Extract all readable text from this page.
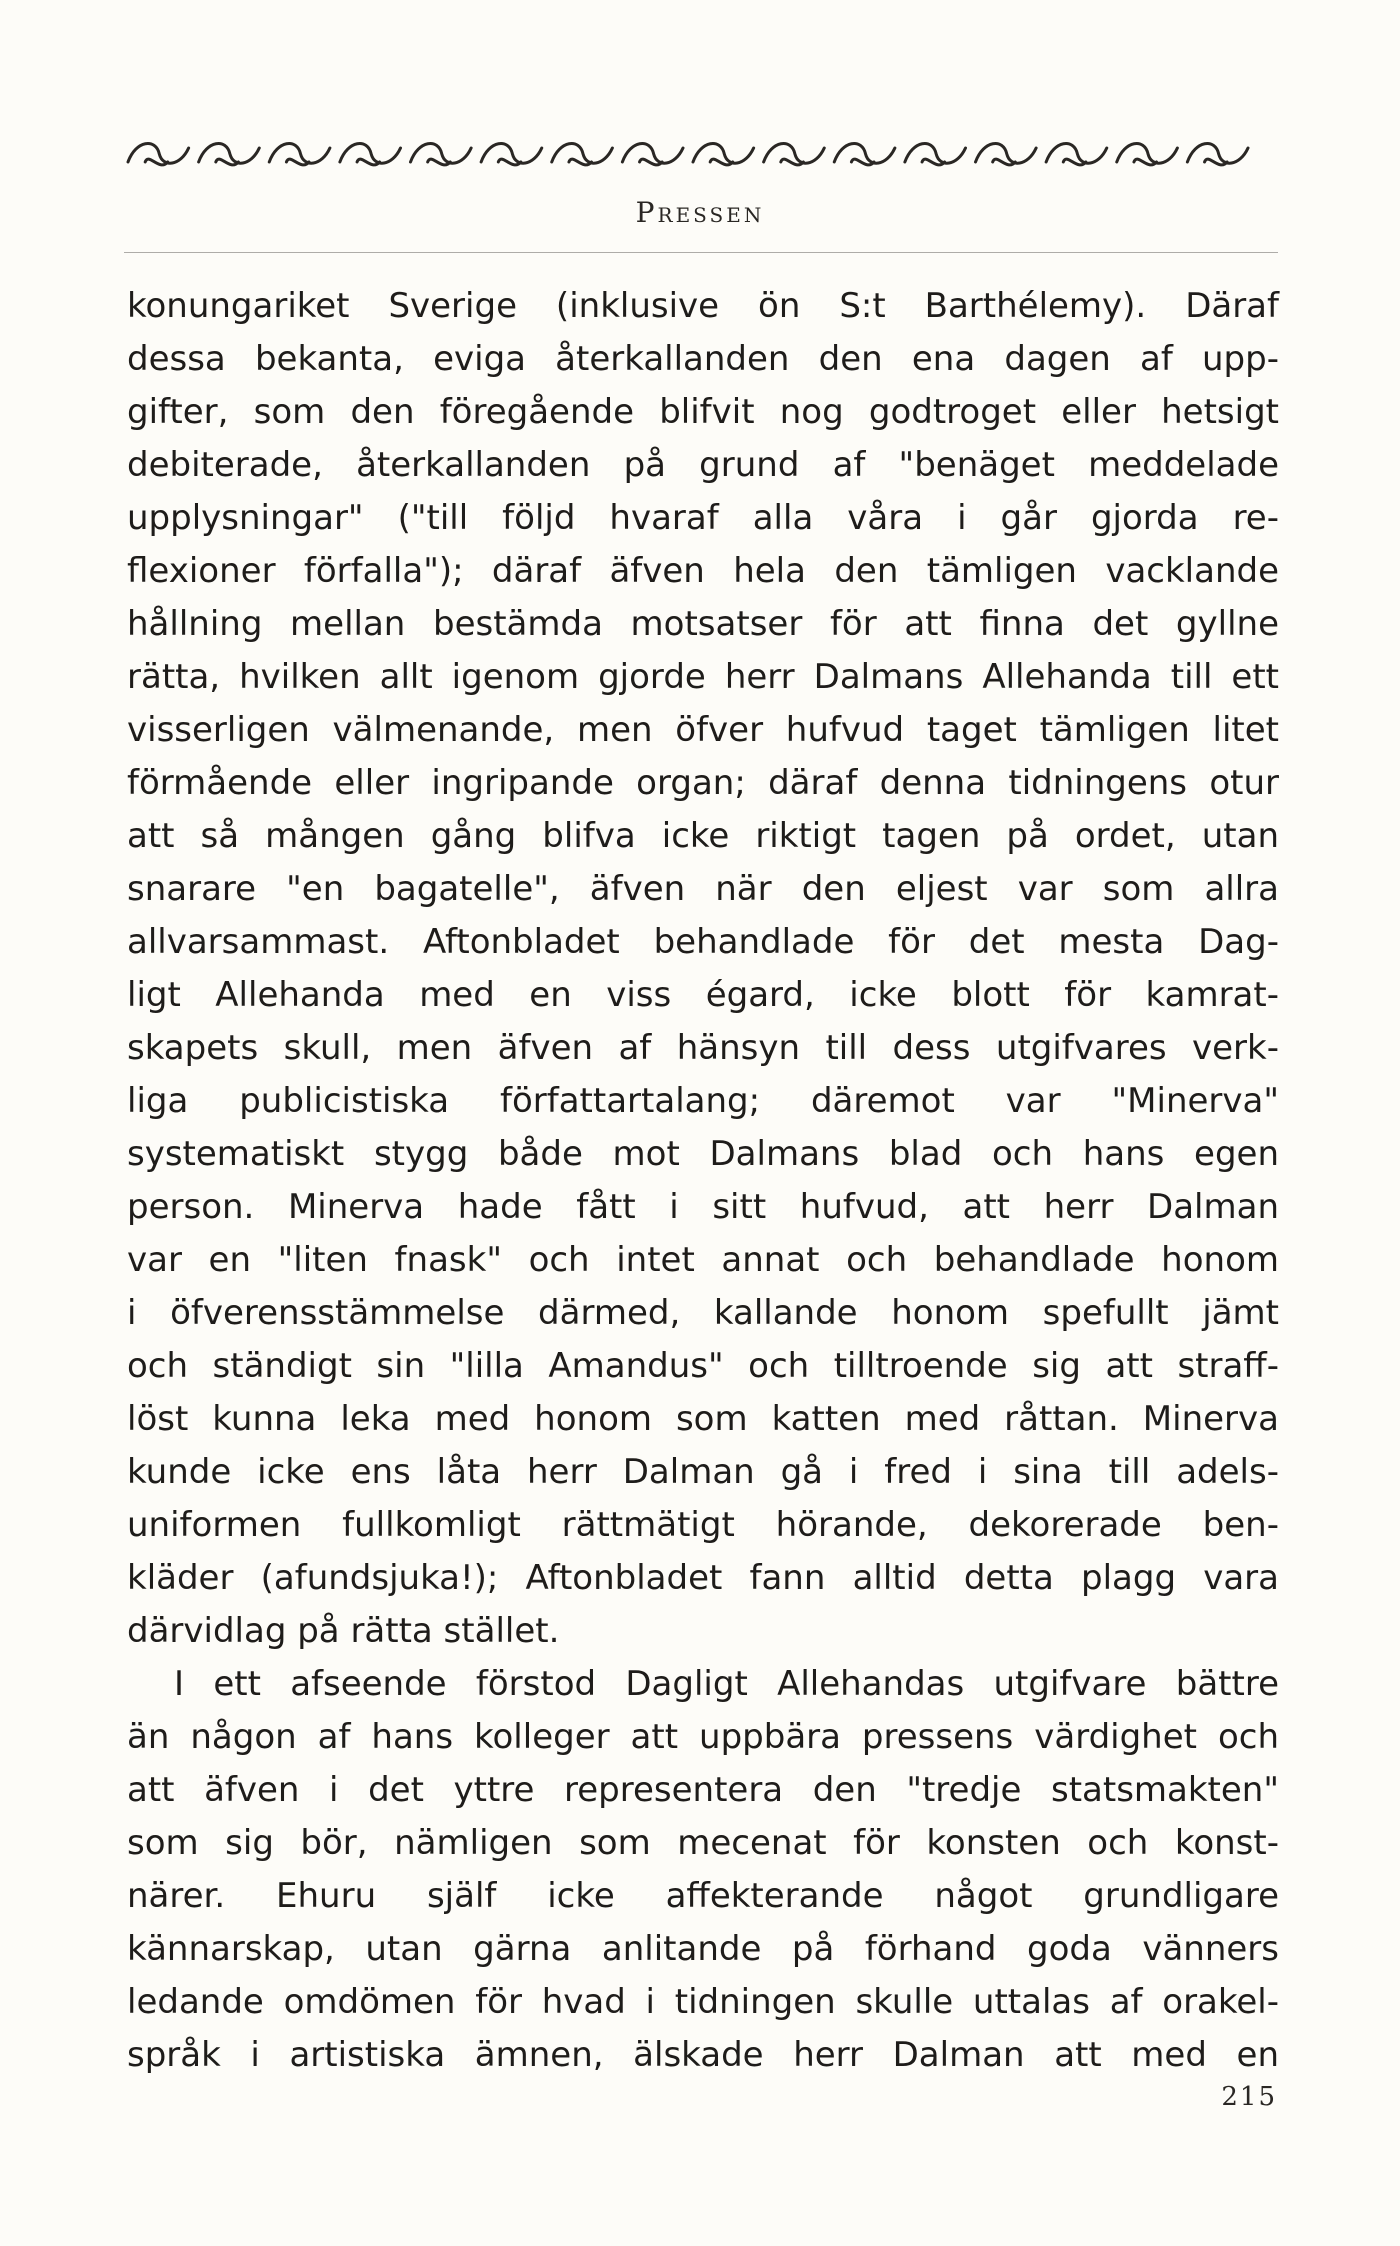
Pressen
konungariket Sverige (inklusive ön S:t Barthélemy). Däraf
dessa bekanta, eviga återkallanden den ena dagen af upp-
gifter, som den föregående blifvit nog godtroget eller hetsigt
debiterade, återkallanden på grund af "benäget meddelade
upplysningar" ("till följd hvaraf alla våra i går gjorda re-
flexioner förfalla"); däraf äfven hela den tämligen vacklande
hållning mellan bestämda motsatser för att finna det gyllne
rätta, hvilken allt igenom gjorde herr Dalmans Allehanda till ett
visserligen välmenande, men öfver hufvud taget tämligen litet
förmående eller ingripande organ; däraf denna tidningens otur
att så mången gång blifva icke riktigt tagen på ordet, utan
snarare "en bagatelle", äfven när den eljest var som allra
allvarsammast. Aftonbladet behandlade för det mesta Dag-
ligt Allehanda med en viss égard, icke blott för kamrat-
skapets skull, men äfven af hänsyn till dess utgifvares verk-
liga publicistiska författartalang; däremot var "Minerva"
systematiskt stygg både mot Dalmans blad och hans egen
person. Minerva hade fått i sitt hufvud, att herr Dalman
var en "liten fnask" och intet annat och behandlade honom
i öfverensstämmelse därmed, kallande honom spefullt jämt
och ständigt sin "lilla Amandus" och tilltroende sig att straff-
löst kunna leka med honom som katten med råttan. Minerva
kunde icke ens låta herr Dalman gå i fred i sina till adels-
uniformen fullkomligt rättmätigt hörande, dekorerade ben-
kläder (afundsjuka!); Aftonbladet fann alltid detta plagg vara
därvidlag på rätta stället.
I ett afseende förstod Dagligt Allehandas utgifvare bättre
än någon af hans kolleger att uppbära pressens värdighet och
att äfven i det yttre representera den "tredje statsmakten"
som sig bör, nämligen som mecenat för konsten och konst-
närer. Ehuru själf icke affekterande något grundligare
kännarskap, utan gärna anlitande på förhand goda vänners
ledande omdömen för hvad i tidningen skulle uttalas af orakel-
språk i artistiska ämnen, älskade herr Dalman att med en
215
